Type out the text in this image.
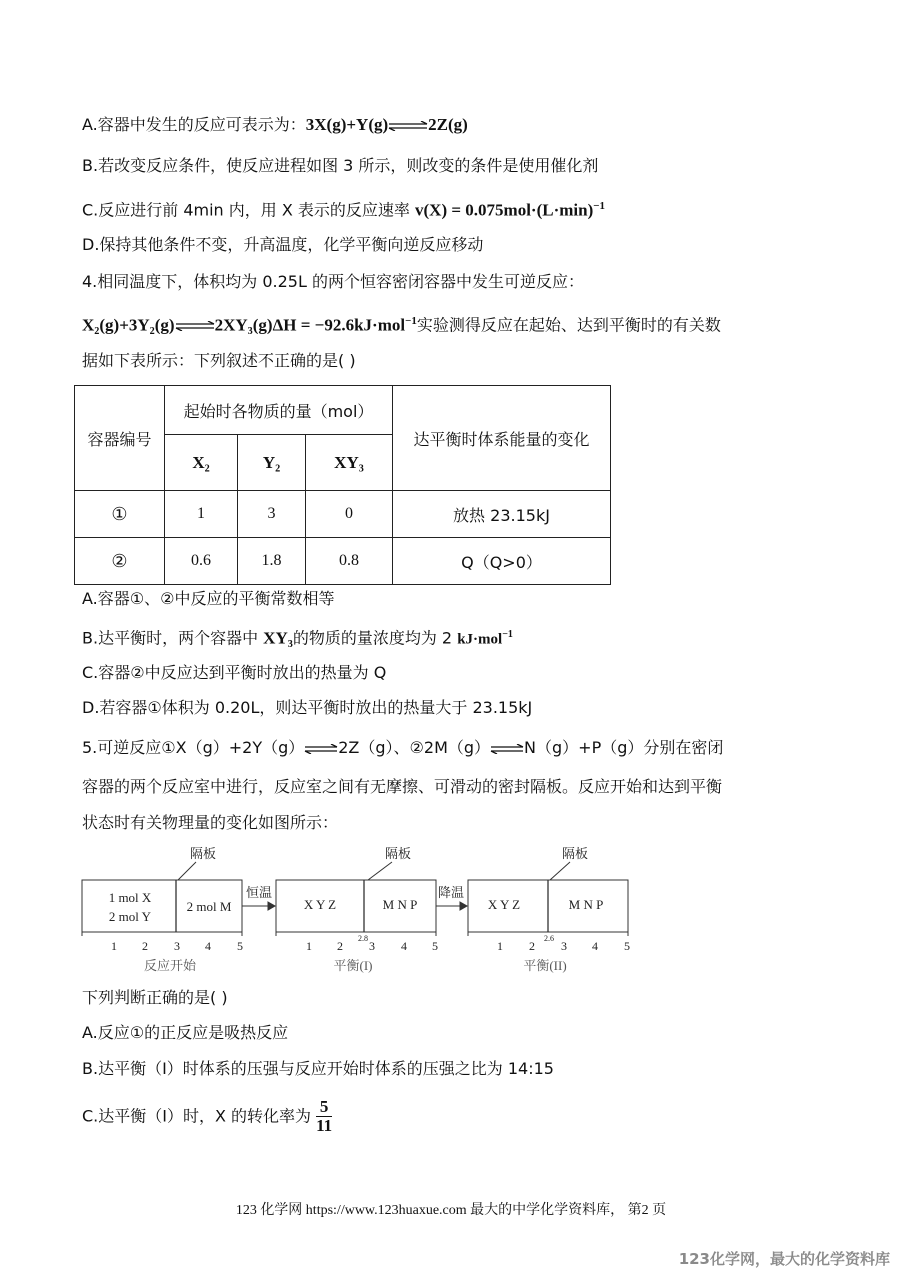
A.容器中发生的反应可表示为：3X(g)+Y(g)⇌2Z(g)
B.若改变反应条件，使反应进程如图 3 所示，则改变的条件是使用催化剂
C.反应进行前 4min 内，用 X 表示的反应速率 $v(X) = 0.075mol\cdot(L\cdot\min)^{-1}$
D.保持其他条件不变，升高温度，化学平衡向逆反应移动
4.相同温度下，体积均为 0.25L 的两个恒容密闭容器中发生可逆反应：
X₂(g)+3Y₂(g)⇌2XY₃(g)ΔH = −92.6kJ·mol$^{-1}$实验测得反应在起始、达到平衡时的有关数
据如下表所示：下列叙述不正确的是( )
容器编号	起始时各物质的量（mol）			达平衡时体系能量的变化
	X₂	Y₂	XY₃	
①	1	3	0	放热 23.15kJ
②	0.6	1.8	0.8	Q（Q>0）
A.容器①、②中反应的平衡常数相等
B.达平衡时，两个容器中 XY₃的物质的量浓度均为 2 kJ·mol$^{-1}$
C.容器②中反应达到平衡时放出的热量为 Q
D.若容器①体积为 0.20L，则达平衡时放出的热量大于 23.15kJ
5.可逆反应①X（g）+2Y（g）⇌2Z（g）、②2M（g）⇌N（g）+P（g）分别在密闭
容器的两个反应室中进行，反应室之间有无摩擦、可滑动的密封隔板。反应开始和达到平衡
状态时有关物理量的变化如图所示：
隔板	隔板	隔板
1 mol X
2 mol Y
2 mol M
恒温
X Y Z	M N P
降温
X Y Z	M N P
1 2 3 4 5	1 2 3 4 5	1 2 3 4 5
2.8	2.6
反应开始	平衡(I)	平衡(II)
下列判断正确的是( )
A.反应①的正反应是吸热反应
B.达平衡（I）时体系的压强与反应开始时体系的压强之比为 14:15
C.达平衡（I）时，X 的转化率为 $\frac{5}{11}$
123 化学网 https://www.123huaxue.com 最大的中学化学资料库， 第2 页
123化学网，最大的化学资料库
